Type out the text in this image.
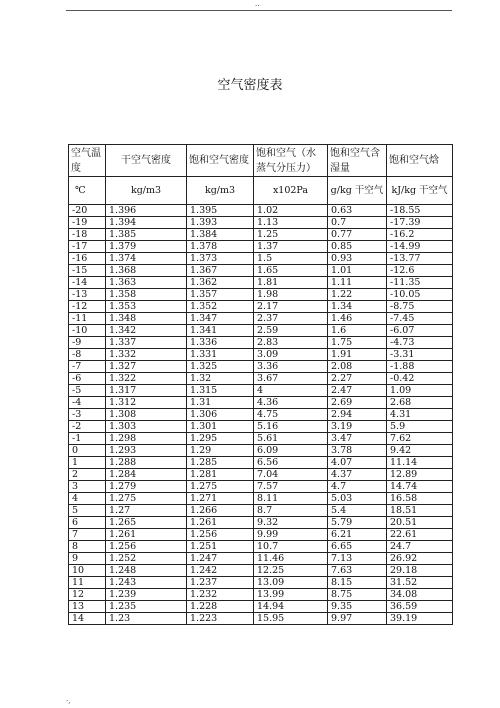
..
空气密度表
空气温度	干空气密度	饱和空气密度	饱和空气（水蒸气分压力）	饱和空气含湿量	饱和空气焓
℃	kg/m3	kg/m3	x102Pa	g/kg 干空气	kJ/kg 干空气
-20	1.396	1.395	1.02	0.63	-18.55
-19	1.394	1.393	1.13	0.7	-17.39
-18	1.385	1.384	1.25	0.77	-16.2
-17	1.379	1.378	1.37	0.85	-14.99
-16	1.374	1.373	1.5	0.93	-13.77
-15	1.368	1.367	1.65	1.01	-12.6
-14	1.363	1.362	1.81	1.11	-11.35
-13	1.358	1.357	1.98	1.22	-10.05
-12	1.353	1.352	2.17	1.34	-8.75
-11	1.348	1.347	2.37	1.46	-7.45
-10	1.342	1.341	2.59	1.6	-6.07
-9	1.337	1.336	2.83	1.75	-4.73
-8	1.332	1.331	3.09	1.91	-3.31
-7	1.327	1.325	3.36	2.08	-1.88
-6	1.322	1.32	3.67	2.27	-0.42
-5	1.317	1.315	4	2.47	1.09
-4	1.312	1.31	4.36	2.69	2.68
-3	1.308	1.306	4.75	2.94	4.31
-2	1.303	1.301	5.16	3.19	5.9
-1	1.298	1.295	5.61	3.47	7.62
0	1.293	1.29	6.09	3.78	9.42
1	1.288	1.285	6.56	4.07	11.14
2	1.284	1.281	7.04	4.37	12.89
3	1.279	1.275	7.57	4.7	14.74
4	1.275	1.271	8.11	5.03	16.58
5	1.27	1.266	8.7	5.4	18.51
6	1.265	1.261	9.32	5.79	20.51
7	1.261	1.256	9.99	6.21	22.61
8	1.256	1.251	10.7	6.65	24.7
9	1.252	1.247	11.46	7.13	26.92
10	1.248	1.242	12.25	7.63	29.18
11	1.243	1.237	13.09	8.15	31.52
12	1.239	1.232	13.99	8.75	34.08
13	1.235	1.228	14.94	9.35	36.59
14	1.23	1.223	15.95	9.97	39.19
·,
